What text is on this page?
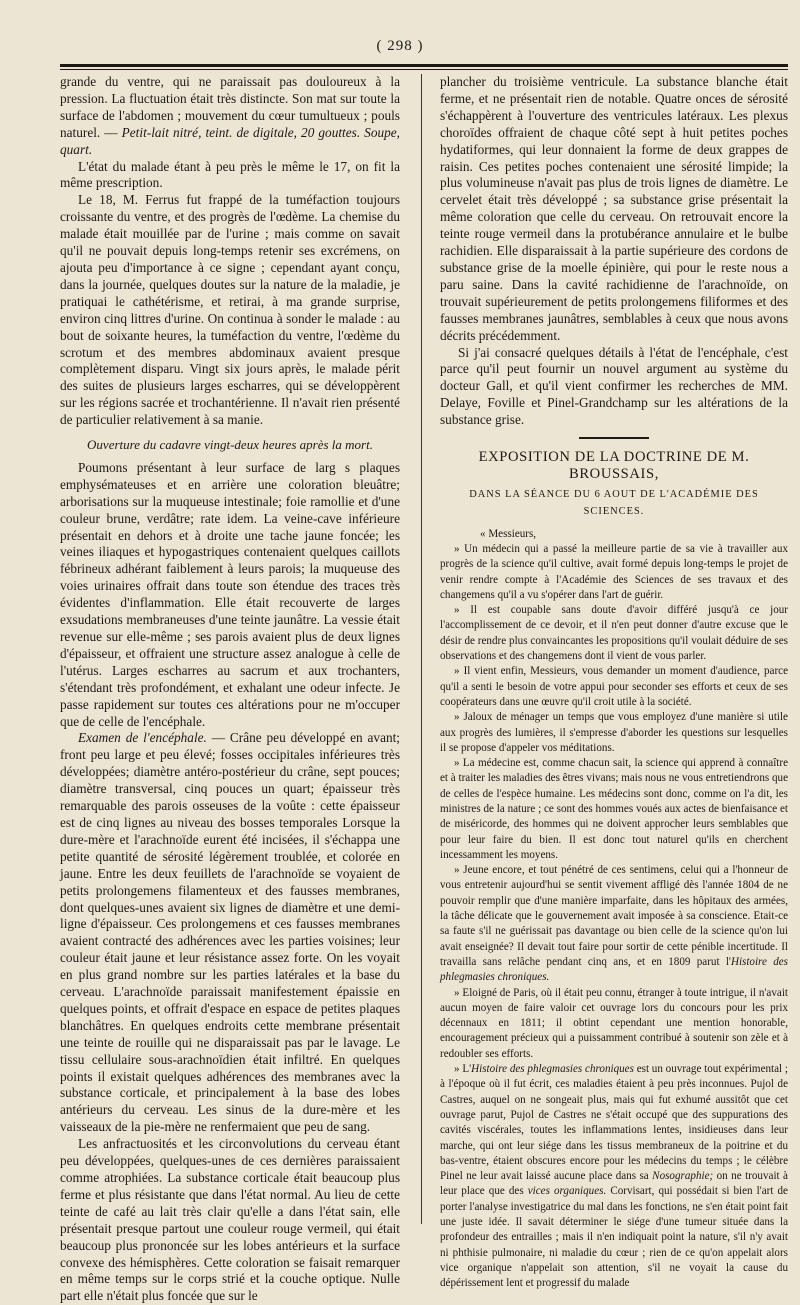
( 298 )

grande du ventre, qui ne paraissait pas douloureux à la pression. La fluctuation était très distincte. Son mat sur toute la surface de l'abdomen ; mouvement du cœur tumultueux ; pouls naturel. — Petit-lait nitré, teint. de digitale, 20 gouttes. Soupe, quart.

L'état du malade étant à peu près le même le 17, on fit la même prescription.

Le 18, M. Ferrus fut frappé de la tuméfaction toujours croissante du ventre, et des progrès de l'œdème. La chemise du malade était mouillée par de l'urine ; mais comme on savait qu'il ne pouvait depuis long-temps retenir ses excrémens, on ajouta peu d'importance à ce signe ; cependant ayant conçu, dans la journée, quelques doutes sur la nature de la maladie, je pratiquai le cathétérisme, et retirai, à ma grande surprise, environ cinq littres d'urine. On continua à sonder le malade : au bout de soixante heures, la tuméfaction du ventre, l'œdème du scrotum et des membres abdominaux avaient presque complètement disparu. Vingt six jours après, le malade périt des suites de plusieurs larges escharres, qui se développèrent sur les régions sacrée et trochantérienne. Il n'avait rien présenté de particulier relativement à sa manie.

Ouverture du cadavre vingt-deux heures après la mort.

Poumons présentant à leur surface de larg s plaques emphysémateuses et en arrière une coloration bleuâtre; arborisations sur la muqueuse intestinale; foie ramollie et d'une couleur brune, verdâtre; rate idem. La veine-cave inférieure présentait en dehors et à droite une tache jaune foncée; les veines iliaques et hypogastriques contenaient quelques caillots fébrineux adhérant faiblement à leurs parois; la muqueuse des voies urinaires offrait dans toute son étendue des traces très évidentes d'inflammation. Elle était recouverte de larges exsudations membraneuses d'une teinte jaunâtre. La vessie était revenue sur elle-même ; ses parois avaient plus de deux lignes d'épaisseur, et offraient une structure assez analogue à celle de l'utérus. Larges escharres au sacrum et aux trochanters, s'étendant très profondément, et exhalant une odeur infecte. Je passe rapidement sur toutes ces altérations pour ne m'occuper que de celle de l'encéphale.

Examen de l'encéphale. — Crâne peu développé en avant; front peu large et peu élevé; fosses occipitales inférieures très développées; diamètre antéro-postérieur du crâne, sept pouces; diamètre transversal, cinq pouces un quart; épaisseur très remarquable des parois osseuses de la voûte : cette épaisseur est de cinq lignes au niveau des bosses temporales Lorsque la dure-mère et l'arachnoïde eurent été incisées, il s'échappa une petite quantité de sérosité légèrement troublée, et colorée en jaune. Entre les deux feuillets de l'arachnoïde se voyaient de petits prolongemens filamenteux et des fausses membranes, dont quelques-unes avaient six lignes de diamètre et une demi-ligne d'épaisseur. Ces prolongemens et ces fausses membranes avaient contracté des adhérences avec les parties voisines; leur couleur était jaune et leur résistance assez forte. On les voyait en plus grand nombre sur les parties latérales et la base du cerveau. L'arachnoïde paraissait manifestement épaissie en quelques points, et offrait d'espace en espace de petites plaques blanchâtres. En quelques endroits cette membrane présentait une teinte de rouille qui ne disparaissait pas par le lavage. Le tissu cellulaire sous-arachnoïdien était infiltré. En quelques points il existait quelques adhérences des membranes avec la substance corticale, et principalement à la base des lobes antérieurs du cerveau. Les sinus de la dure-mère et les vaisseaux de la pie-mère ne renfermaient que peu de sang.

Les anfractuosités et les circonvolutions du cerveau étant peu développées, quelques-unes de ces dernières paraissaient comme atrophiées. La substance corticale était beaucoup plus ferme et plus résistante que dans l'état normal. Au lieu de cette teinte de café au lait très clair qu'elle a dans l'état sain, elle présentait presque partout une couleur rouge vermeil, qui était beaucoup plus prononcée sur les lobes antérieurs et la surface convexe des hémisphères. Cette coloration se faisait remarquer en même temps sur le corps strié et la couche optique. Nulle part elle n'était plus foncée que sur le

plancher du troisième ventricule. La substance blanche était ferme, et ne présentait rien de notable. Quatre onces de sérosité s'échappèrent à l'ouverture des ventricules latéraux. Les plexus choroïdes offraient de chaque côté sept à huit petites poches hydatiformes, qui leur donnaient la forme de deux grappes de raisin. Ces petites poches contenaient une sérosité limpide; la plus volumineuse n'avait pas plus de trois lignes de diamètre. Le cervelet était très développé ; sa substance grise présentait la même coloration que celle du cerveau. On retrouvait encore la teinte rouge vermeil dans la protubérance annulaire et le bulbe rachidien. Elle disparaissait à la partie supérieure des cordons de substance grise de la moelle épinière, qui pour le reste nous a paru saine. Dans la cavité rachidienne de l'arachnoïde, on trouvait supérieurement de petits prolongemens filiformes et des fausses membranes jaunâtres, semblables à ceux que nous avons décrits précédemment.

Si j'ai consacré quelques détails à l'état de l'encéphale, c'est parce qu'il peut fournir un nouvel argument au système du docteur Gall, et qu'il vient confirmer les recherches de MM. Delaye, Foville et Pinel-Grandchamp sur les altérations de la substance grise.

EXPOSITION DE LA DOCTRINE DE M. BROUSSAIS,

DANS LA SÉANCE DU 6 AOUT DE L'ACADÉMIE DES SCIENCES.

« Messieurs,

» Un médecin qui a passé la meilleure partie de sa vie à travailler aux progrès de la science qu'il cultive, avait formé depuis long-temps le projet de venir rendre compte à l'Académie des Sciences de ses travaux et des changemens qu'il a vu s'opérer dans l'art de guérir.

» Il est coupable sans doute d'avoir différé jusqu'à ce jour l'accomplissement de ce devoir, et il n'en peut donner d'autre excuse que le désir de rendre plus convaincantes les propositions qu'il voulait déduire de ses observations et des changemens dont il vient de vous parler.

» Il vient enfin, Messieurs, vous demander un moment d'audience, parce qu'il a senti le besoin de votre appui pour seconder ses efforts et ceux de ses coopérateurs dans une œuvre qu'il croit utile à la société.

» Jaloux de ménager un temps que vous employez d'une manière si utile aux progrès des lumières, il s'empresse d'aborder les questions sur lesquelles il se propose d'appeler vos méditations.

» La médecine est, comme chacun sait, la science qui apprend à connaître et à traiter les maladies des êtres vivans; mais nous ne vous entretiendrons que de celles de l'espèce humaine. Les médecins sont donc, comme on l'a dit, les ministres de la nature ; ce sont des hommes voués aux actes de bienfaisance et de miséricorde, des hommes qui ne doivent approcher leurs semblables que pour leur faire du bien. Il est donc tout naturel qu'ils en cherchent incessamment les moyens.

» Jeune encore, et tout pénétré de ces sentimens, celui qui a l'honneur de vous entretenir aujourd'hui se sentit vivement affligé dès l'année 1804 de ne pouvoir remplir que d'une manière imparfaite, dans les hôpitaux des armées, la tâche délicate que le gouvernement avait imposée à sa conscience. Etait-ce sa faute s'il ne guérissait pas davantage ou bien celle de la science qu'on lui avait enseignée? Il devait tout faire pour sortir de cette pénible incertitude. Il travailla sans relâche pendant cinq ans, et en 1809 parut l'Histoire des phlegmasies chroniques.

» Eloigné de Paris, où il était peu connu, étranger à toute intrigue, il n'avait aucun moyen de faire valoir cet ouvrage lors du concours pour les prix décennaux en 1811; il obtint cependant une mention honorable, encouragement précieux qui a puissamment contribué à soutenir son zèle et à redoubler ses efforts.

» L'Histoire des phlegmasies chroniques est un ouvrage tout expérimental ; à l'époque où il fut écrit, ces maladies étaient à peu près inconnues. Pujol de Castres, auquel on ne songeait plus, mais qui fut exhumé aussitôt que cet ouvrage parut, Pujol de Castres ne s'était occupé que des suppurations des cavités viscérales, toutes les inflammations lentes, insidieuses dans leur marche, qui ont leur siége dans les tissus membraneux de la poitrine et du bas-ventre, étaient obscures encore pour les médecins du temps ; le célèbre Pinel ne leur avait laissé aucune place dans sa Nosographie; on ne trouvait à leur place que des vices organiques. Corvisart, qui possédait si bien l'art de porter l'analyse investigatrice du mal dans les fonctions, ne s'en était point fait une juste idée. Il savait déterminer le siége d'une tumeur située dans la profondeur des entrailles ; mais il n'en indiquait point la nature, s'il n'y avait ni phthisie pulmonaire, ni maladie du cœur ; rien de ce qu'on appelait alors vice organique n'appelait son attention, s'il ne voyait la cause du dépérissement lent et progressif du malade
